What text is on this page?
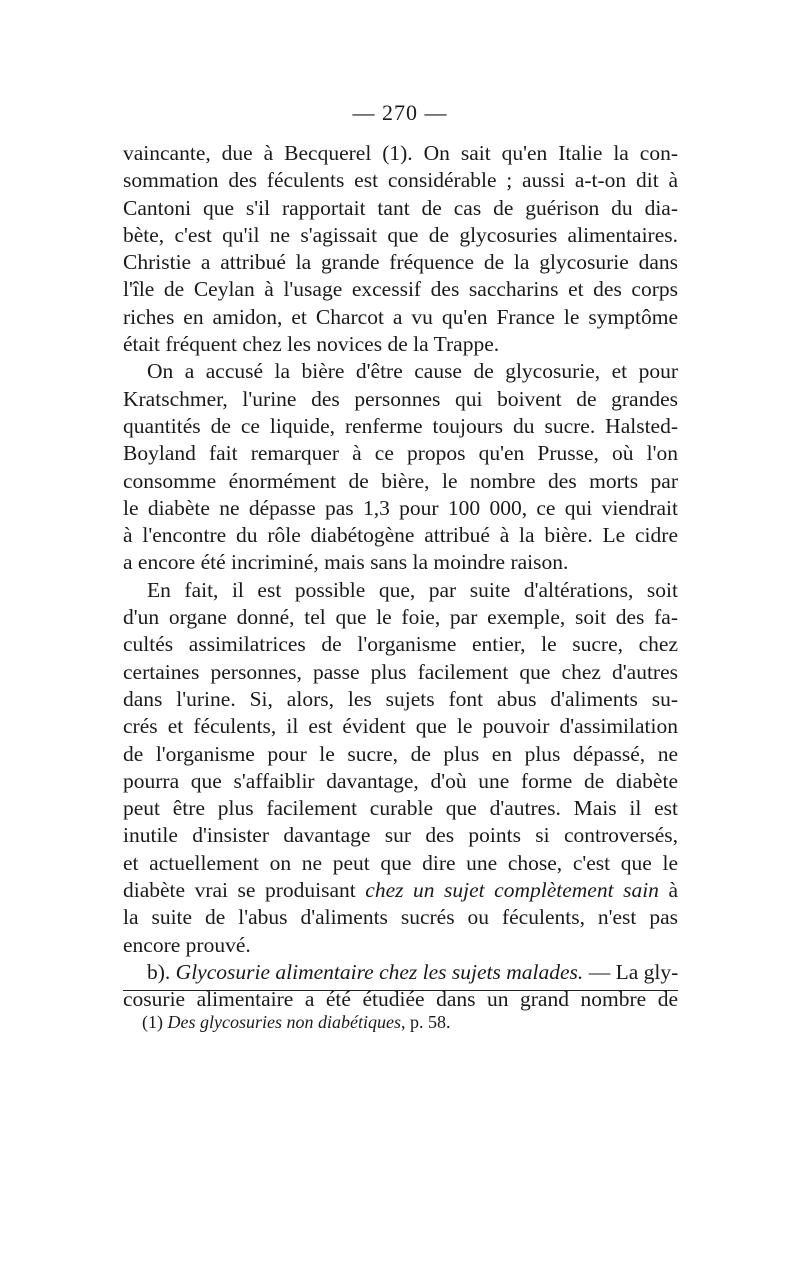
— 270 —
vaincante, due à Becquerel (1). On sait qu'en Italie la con-
sommation des féculents est considérable ; aussi a-t-on dit à
Cantoni que s'il rapportait tant de cas de guérison du dia-
bète, c'est qu'il ne s'agissait que de glycosuries alimentaires.
Christie a attribué la grande fréquence de la glycosurie dans
l'île de Ceylan à l'usage excessif des saccharins et des corps
riches en amidon, et Charcot a vu qu'en France le symptôme
était fréquent chez les novices de la Trappe.
On a accusé la bière d'être cause de glycosurie, et pour
Kratschmer, l'urine des personnes qui boivent de grandes
quantités de ce liquide, renferme toujours du sucre. Halsted-
Boyland fait remarquer à ce propos qu'en Prusse, où l'on
consomme énormément de bière, le nombre des morts par
le diabète ne dépasse pas 1,3 pour 100 000, ce qui viendrait
à l'encontre du rôle diabétogène attribué à la bière. Le cidre
a encore été incriminé, mais sans la moindre raison.
En fait, il est possible que, par suite d'altérations, soit
d'un organe donné, tel que le foie, par exemple, soit des fa-
cultés assimilatrices de l'organisme entier, le sucre, chez
certaines personnes, passe plus facilement que chez d'autres
dans l'urine. Si, alors, les sujets font abus d'aliments su-
crés et féculents, il est évident que le pouvoir d'assimilation
de l'organisme pour le sucre, de plus en plus dépassé, ne
pourra que s'affaiblir davantage, d'où une forme de diabète
peut être plus facilement curable que d'autres. Mais il est
inutile d'insister davantage sur des points si controversés,
et actuellement on ne peut que dire une chose, c'est que le
diabète vrai se produisant chez un sujet complètement sain à
la suite de l'abus d'aliments sucrés ou féculents, n'est pas
encore prouvé.
b). Glycosurie alimentaire chez les sujets malades. — La gly-
cosurie alimentaire a été étudiée dans un grand nombre de
(1) Des glycosuries non diabétiques, p. 58.
